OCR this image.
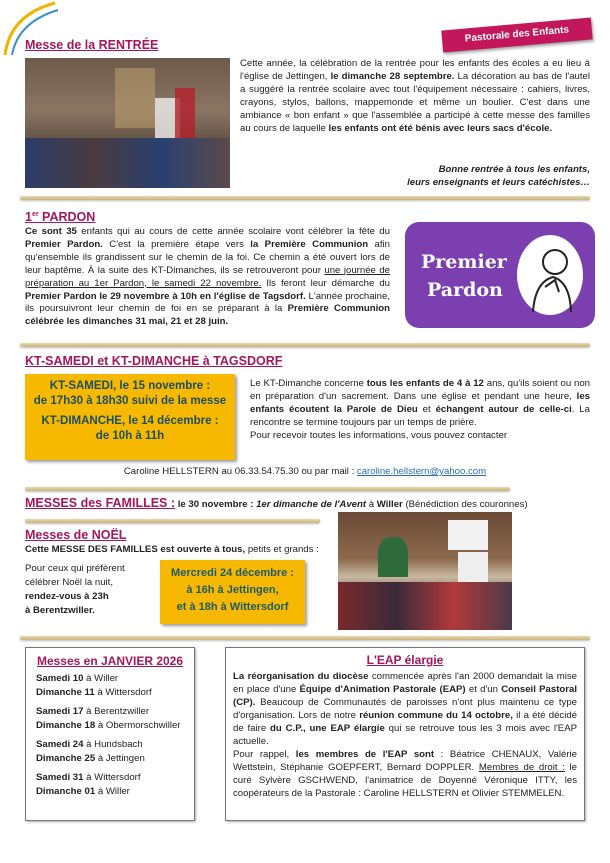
Pastorale des Enfants
Messe de la RENTRÉE
Cette année, la célébration de la rentrée pour les enfants des écoles a eu lieu à l'église de Jettingen, le dimanche 28 septembre. La décoration au bas de l'autel a suggéré la rentrée scolaire avec tout l'équipement nécessaire : cahiers, livres, crayons, stylos, ballons, mappemonde et même un boulier. C'est dans une ambiance « bon enfant » que l'assemblée a participé à cette messe des familles au cours de laquelle les enfants ont été bénis avec leurs sacs d'école.
Bonne rentrée à tous les enfants,
leurs enseignants et leurs catéchistes…
1er PARDON
Ce sont 35 enfants qui au cours de cette année scolaire vont célébrer la fête du Premier Pardon. C'est la première étape vers la Première Communion afin qu'ensemble ils grandissent sur le chemin de la foi. Ce chemin a été ouvert lors de leur baptême. À la suite des KT-Dimanches, ils se retrouveront pour une journée de préparation au 1er Pardon, le samedi 22 novembre. Ils feront leur démarche du Premier Pardon le 29 novembre à 10h en l'église de Tagsdorf. L'année prochaine, ils poursuivront leur chemin de foi en se préparant à la Première Communion célébrée les dimanches 31 mai, 21 et 28 juin.
Premier
Pardon
KT-SAMEDI et KT-DIMANCHE à TAGSDORF
KT-SAMEDI, le 15 novembre :
de 17h30 à 18h30 suivi de la messe
KT-DIMANCHE, le 14 décembre :
de 10h à 11h
Le KT-Dimanche concerne tous les enfants de 4 à 12 ans, qu'ils soient ou non en préparation d'un sacrement. Dans une église et pendant une heure, les enfants écoutent la Parole de Dieu et échangent autour de celle-ci. La rencontre se termine toujours par un temps de prière.
Pour recevoir toutes les informations, vous pouvez contacter
Caroline HELLSTERN au 06.33.54.75.30 ou par mail : caroline.hellstern@yahoo.com
MESSES des FAMILLES : le 30 novembre : 1er dimanche de l'Avent à Willer (Bénédiction des couronnes)
Messes de NOËL
Cette MESSE DES FAMILLES est ouverte à tous, petits et grands :
Pour ceux qui préfèrent
célébrer Noël la nuit,
rendez-vous à 23h
à Berentzwiller.
Mercredi 24 décembre :
à 16h à Jettingen,
et à 18h à Wittersdorf
Messes en JANVIER 2026
Samedi 10 à Willer
Dimanche 11 à Wittersdorf
Samedi 17 à Berentzwiller
Dimanche 18 à Obermorschwiller
Samedi 24 à Hundsbach
Dimanche 25 à Jettingen
Samedi 31 à Wittersdorf
Dimanche 01 à Willer
L'EAP élargie
La réorganisation du diocèse commencée après l'an 2000 demandait la mise en place d'une Équipe d'Animation Pastorale (EAP) et d'un Conseil Pastoral (CP). Beaucoup de Communautés de paroisses n'ont plus maintenu ce type d'organisation. Lors de notre réunion commune du 14 octobre, il a été décidé de faire du C.P., une EAP élargie qui se retrouve tous les 3 mois avec l'EAP actuelle.
Pour rappel, les membres de l'EAP sont : Béatrice CHENAUX, Valérie Wettstein, Stéphanie GOEPFERT, Bernard DOPPLER. Membres de droit : le curé Sylvère GSCHWEND, l'animatrice de Doyenné Véronique ITTY, les coopérateurs de la Pastorale : Caroline HELLSTERN et Olivier STEMMELEN.
